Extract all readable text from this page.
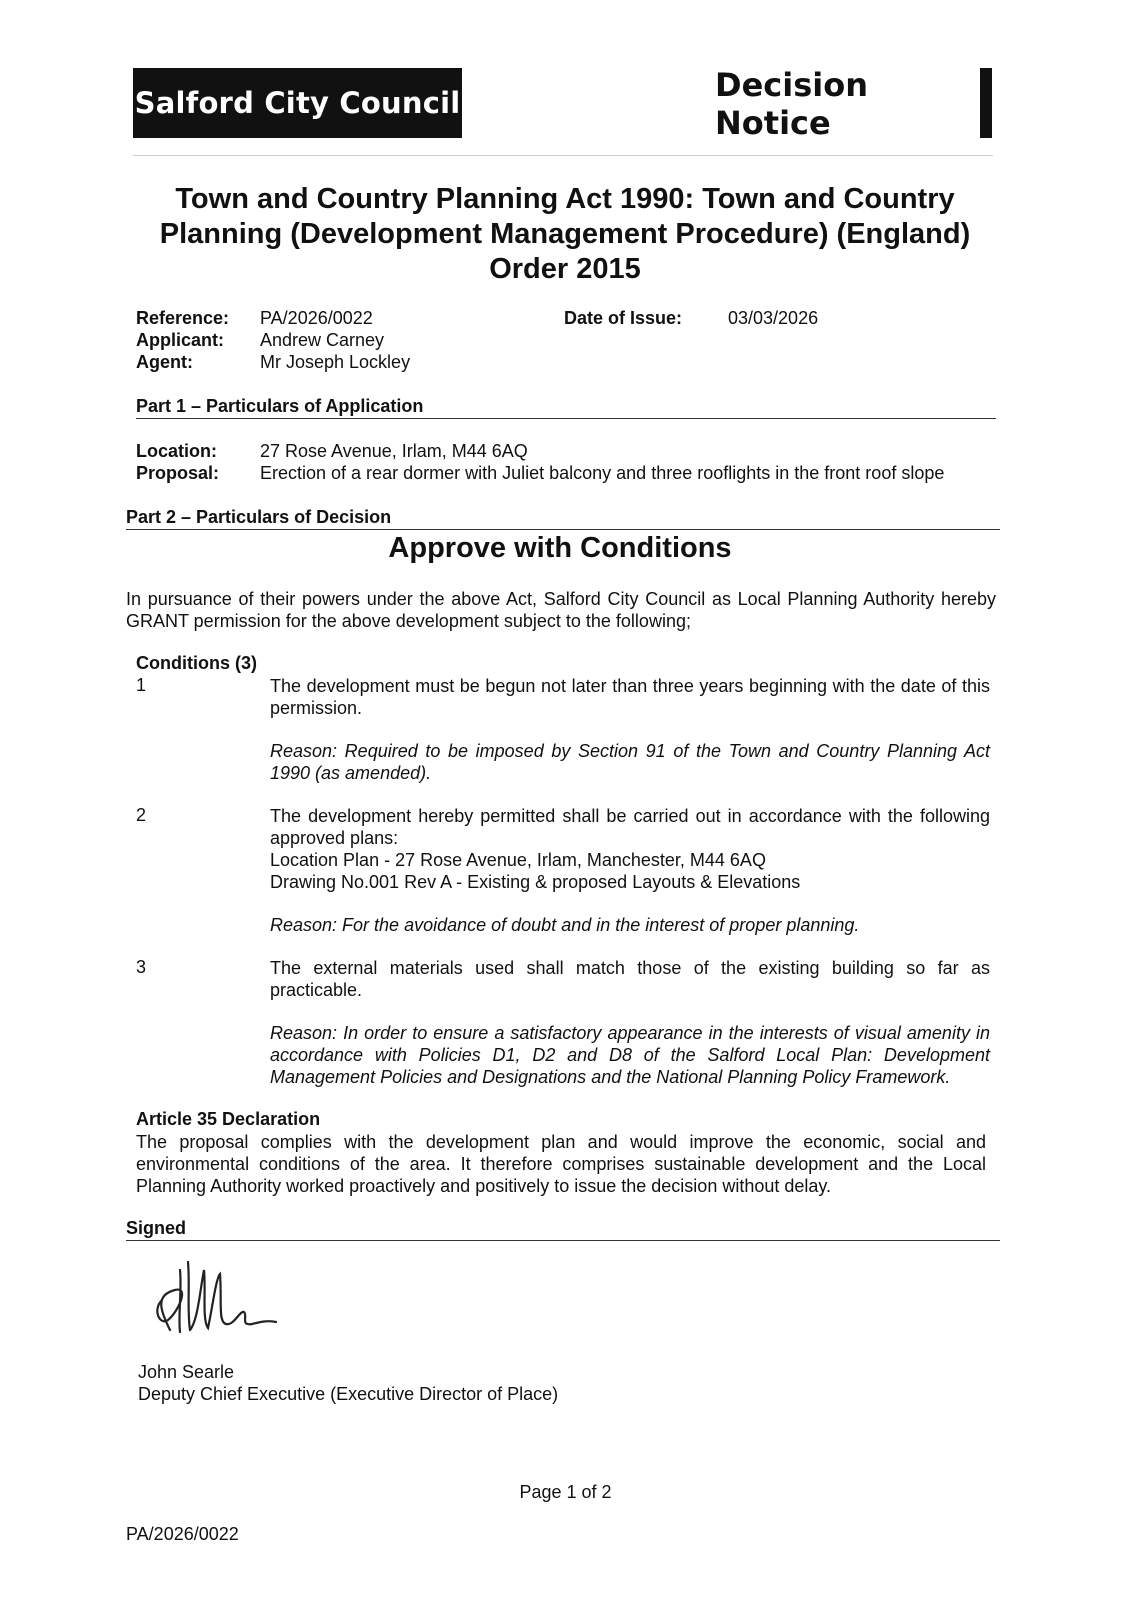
Salford City Council	Decision Notice
Town and Country Planning Act 1990: Town and Country
Planning (Development Management Procedure) (England)
Order 2015
Reference: PA/2026/0022	Date of Issue:	03/03/2026
Applicant: Andrew Carney
Agent:	Mr Joseph Lockley
Part 1 – Particulars of Application
Location: 27 Rose Avenue, Irlam, M44 6AQ
Proposal: Erection of a rear dormer with Juliet balcony and three rooflights in the front roof slope
Part 2 – Particulars of Decision
Approve with Conditions
In pursuance of their powers under the above Act, Salford City Council as Local Planning Authority hereby GRANT permission for the above development subject to the following;
Conditions (3)
1	The development must be begun not later than three years beginning with the date of this permission.
Reason: Required to be imposed by Section 91 of the Town and Country Planning Act 1990 (as amended).
2	The development hereby permitted shall be carried out in accordance with the following approved plans:
Location Plan - 27 Rose Avenue, Irlam, Manchester, M44 6AQ
Drawing No.001 Rev A - Existing & proposed Layouts & Elevations
Reason: For the avoidance of doubt and in the interest of proper planning.
3	The external materials used shall match those of the existing building so far as practicable.
Reason: In order to ensure a satisfactory appearance in the interests of visual amenity in accordance with Policies D1, D2 and D8 of the Salford Local Plan: Development Management Policies and Designations and the National Planning Policy Framework.
Article 35 Declaration
The proposal complies with the development plan and would improve the economic, social and environmental conditions of the area. It therefore comprises sustainable development and the Local Planning Authority worked proactively and positively to issue the decision without delay.
Signed
John Searle
Deputy Chief Executive (Executive Director of Place)
Page 1 of 2
PA/2026/0022
